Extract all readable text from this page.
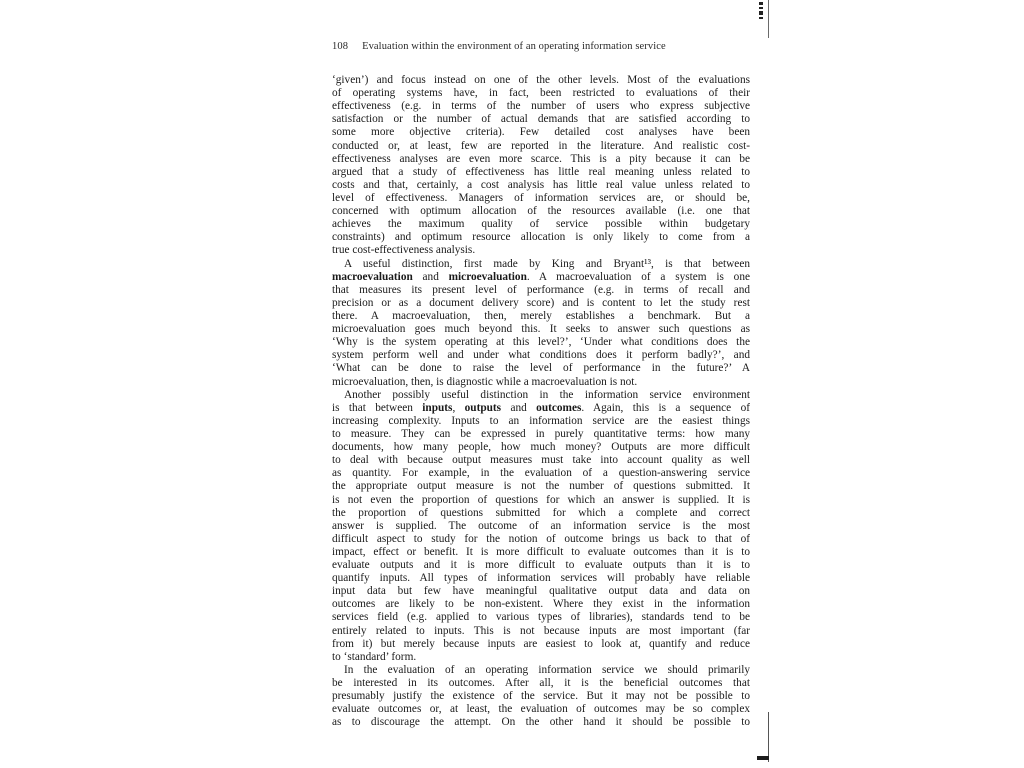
108 Evaluation within the environment of an operating information service
‘given’) and focus instead on one of the other levels. Most of the evaluations
of operating systems have, in fact, been restricted to evaluations of their
effectiveness (e.g. in terms of the number of users who express subjective
satisfaction or the number of actual demands that are satisfied according to
some more objective criteria). Few detailed cost analyses have been
conducted or, at least, few are reported in the literature. And realistic cost-
effectiveness analyses are even more scarce. This is a pity because it can be
argued that a study of effectiveness has little real meaning unless related to
costs and that, certainly, a cost analysis has little real value unless related to
level of effectiveness. Managers of information services are, or should be,
concerned with optimum allocation of the resources available (i.e. one that
achieves the maximum quality of service possible within budgetary
constraints) and optimum resource allocation is only likely to come from a
true cost-effectiveness analysis.
A useful distinction, first made by King and Bryant¹³, is that between
macroevaluation and microevaluation. A macroevaluation of a system is one
that measures its present level of performance (e.g. in terms of recall and
precision or as a document delivery score) and is content to let the study rest
there. A macroevaluation, then, merely establishes a benchmark. But a
microevaluation goes much beyond this. It seeks to answer such questions as
‘Why is the system operating at this level?’, ‘Under what conditions does the
system perform well and under what conditions does it perform badly?’, and
‘What can be done to raise the level of performance in the future?’ A
microevaluation, then, is diagnostic while a macroevaluation is not.
Another possibly useful distinction in the information service environment
is that between inputs, outputs and outcomes. Again, this is a sequence of
increasing complexity. Inputs to an information service are the easiest things
to measure. They can be expressed in purely quantitative terms: how many
documents, how many people, how much money? Outputs are more difficult
to deal with because output measures must take into account quality as well
as quantity. For example, in the evaluation of a question-answering service
the appropriate output measure is not the number of questions submitted. It
is not even the proportion of questions for which an answer is supplied. It is
the proportion of questions submitted for which a complete and correct
answer is supplied. The outcome of an information service is the most
difficult aspect to study for the notion of outcome brings us back to that of
impact, effect or benefit. It is more difficult to evaluate outcomes than it is to
evaluate outputs and it is more difficult to evaluate outputs than it is to
quantify inputs. All types of information services will probably have reliable
input data but few have meaningful qualitative output data and data on
outcomes are likely to be non-existent. Where they exist in the information
services field (e.g. applied to various types of libraries), standards tend to be
entirely related to inputs. This is not because inputs are most important (far
from it) but merely because inputs are easiest to look at, quantify and reduce
to ‘standard’ form.
In the evaluation of an operating information service we should primarily
be interested in its outcomes. After all, it is the beneficial outcomes that
presumably justify the existence of the service. But it may not be possible to
evaluate outcomes or, at least, the evaluation of outcomes may be so complex
as to discourage the attempt. On the other hand it should be possible to
